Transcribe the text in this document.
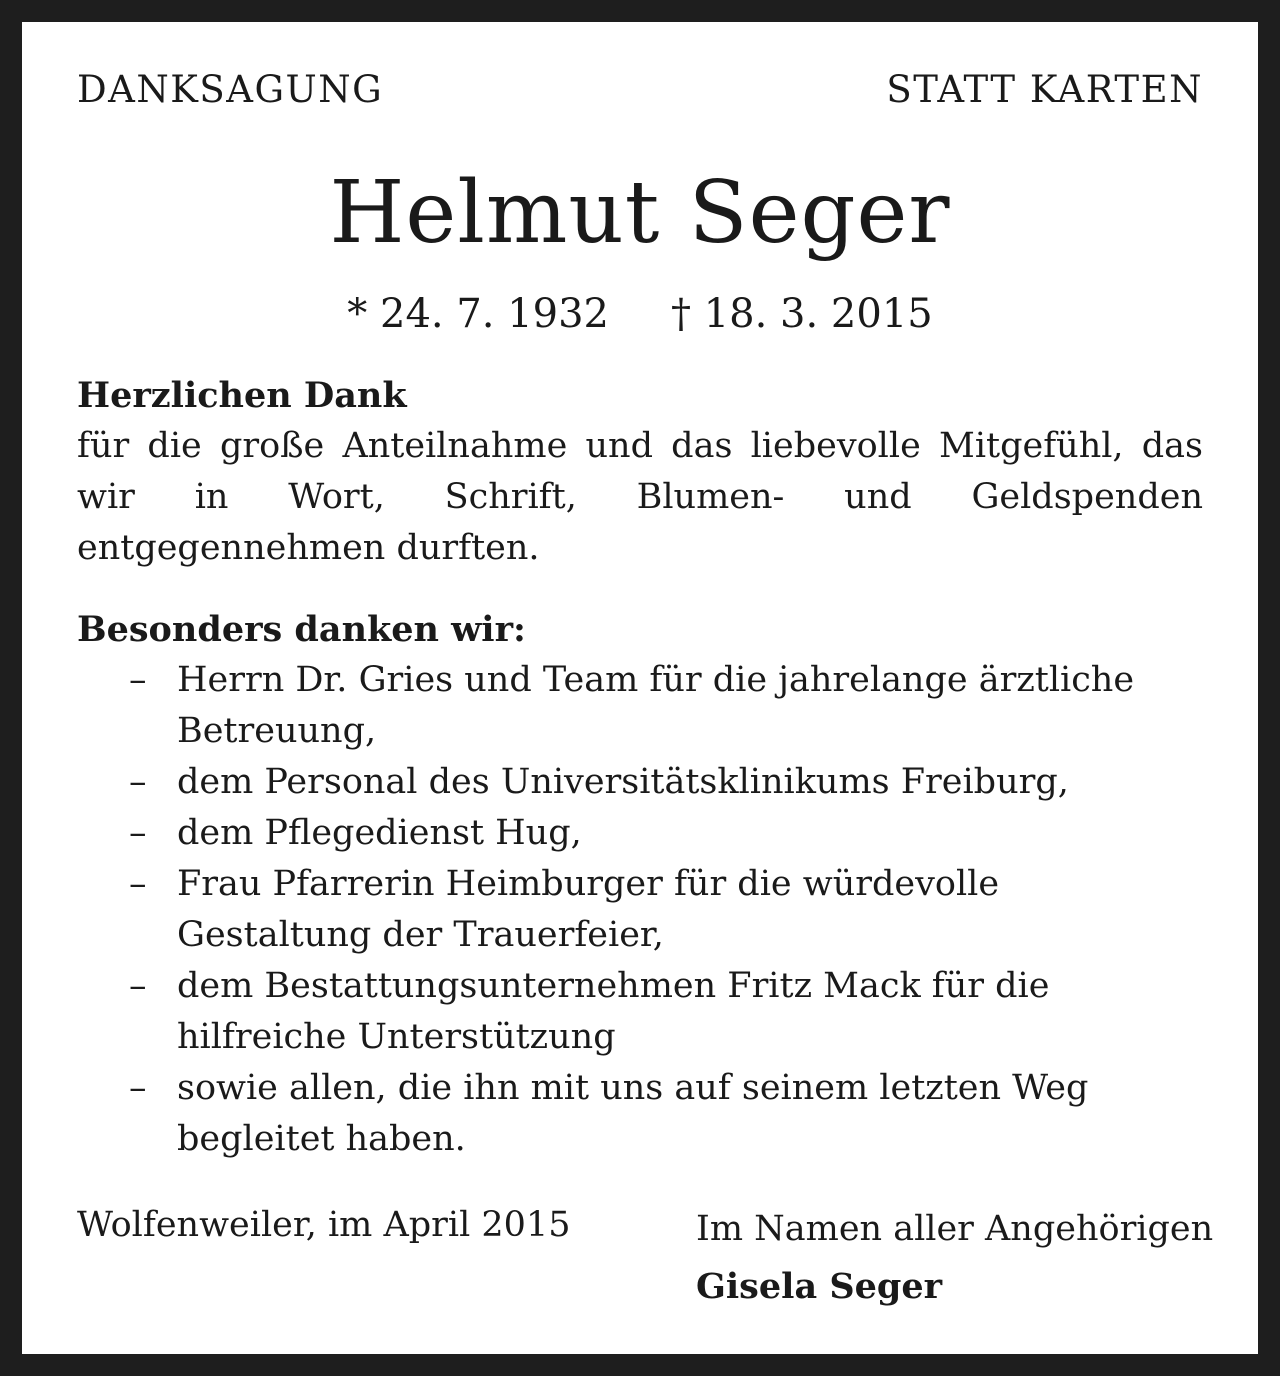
DANKSAGUNG	STATT KARTEN
Helmut Seger
* 24. 7. 1932 † 18. 3. 2015
Herzlichen Dank
für die große Anteilnahme und das liebevolle Mitgefühl, das wir in Wort, Schrift, Blumen- und Geldspenden entgegennehmen durften.
Besonders danken wir:
– Herrn Dr. Gries und Team für die jahrelange ärztliche Betreuung,
– dem Personal des Universitätsklinikums Freiburg,
– dem Pflegedienst Hug,
– Frau Pfarrerin Heimburger für die würdevolle Gestaltung der Trauerfeier,
– dem Bestattungsunternehmen Fritz Mack für die hilfreiche Unterstützung
– sowie allen, die ihn mit uns auf seinem letzten Weg begleitet haben.
Wolfenweiler, im April 2015	Im Namen aller Angehörigen
Gisela Seger
